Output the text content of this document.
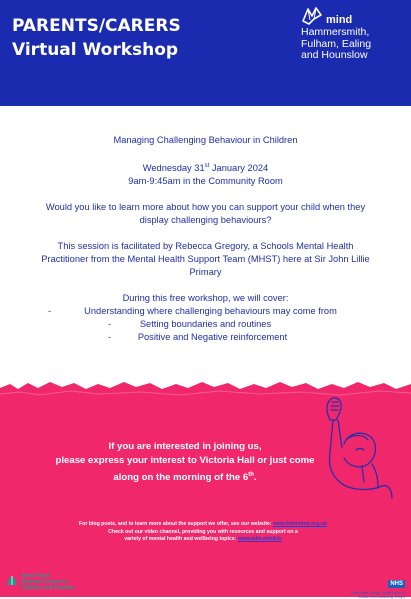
PARENTS/CARERS
Virtual Workshop
mind
Hammersmith,
Fulham, Ealing
and Hounslow

Managing Challenging Behaviour in Children

Wednesday 31st January 2024

9am-9:45am in the Community Room

Would you like to learn more about how you can support your child when they display challenging behaviours?

This session is facilitated by Rebecca Gregory, a Schools Mental Health Practitioner from the Mental Health Support Team (MHST) here at Sir John Lillie Primary

During this free workshop, we will cover:

-	Understanding where challenging behaviours may come from
-	Setting boundaries and routines
-	Positive and Negative reinforcement

If you are interested in joining us,

please express your interest to Victoria Hall or just come

along on the morning of the 6th.

For blog posts, and to learn more about the support we offer, see our website: www.hfehmind.org.uk

Check out our video channel, providing you with resources and support on a

variety of mental health and wellbeing topics: www.mhe.mind.tv

Anna Freud
National Centre for
Children and Families
NHS
North West London Collaboration of
Clinical Commissioning Groups
